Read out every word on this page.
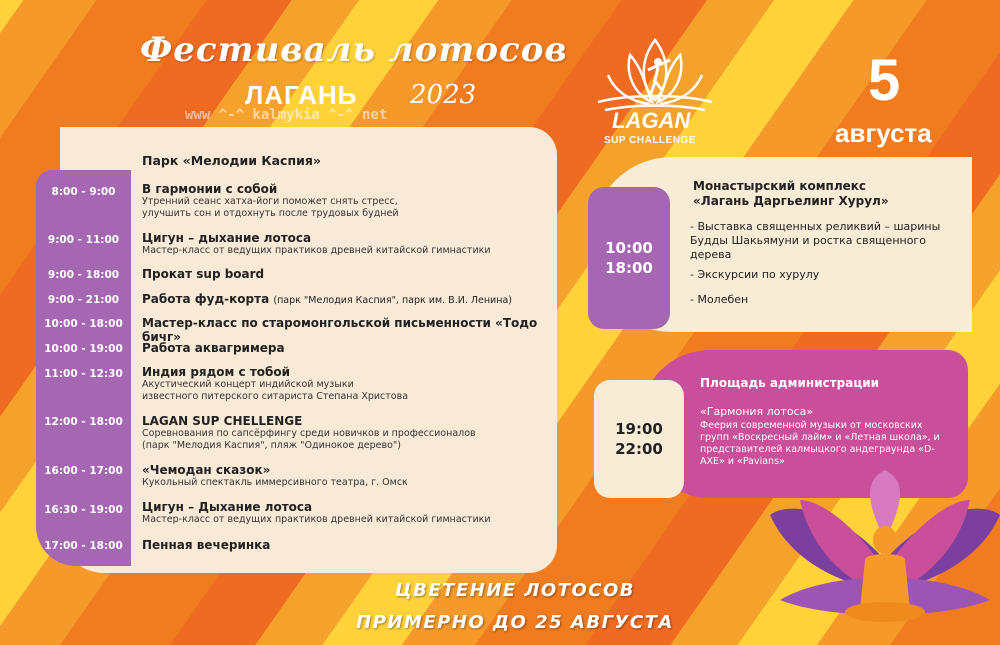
Фестиваль лотосов
ЛАГАНЬ 2023
www ^-^ kalmykia ^-^ net	LAGAN
SUP CHALLENGE
5
августа
Парк «Мелодии Каспия»
8:00 - 9:00	В гармонии с собой
Утренний сеанс хатха-йоги поможет снять стресс,
улучшить сон и отдохнуть после трудовых будней
9:00 - 11:00	Цигун – дыхание лотоса
Мастер-класс от ведущих практиков древней китайской гимнастики
9:00 - 18:00	Прокат sup board
9:00 - 21:00	Работа фуд-корта (парк "Мелодия Каспия", парк им. В.И. Ленина)
10:00 - 18:00	Мастер-класс по старомонгольской письменности «Тодо бичг»
10:00 - 19:00	Работа аквагримера
11:00 - 12:30	Индия рядом с тобой
Акустический концерт индийской музыки
известного питерского ситариста Степана Христова
12:00 - 18:00	LAGAN SUP CHELLENGE
Соревнования по сапсёрфингу среди новичков и профессионалов
(парк "Мелодия Каспия", пляж "Одинокое дерево")
16:00 - 17:00	«Чемодан сказок»
Кукольный спектакль иммерсивного театра, г. Омск
16:30 - 19:00	Цигун – Дыхание лотоса
Мастер-класс от ведущих практиков древней китайской гимнастики
17:00 - 18:00	Пенная вечеринка
10:00
18:00
Монастырский комплекс
«Лагань Даргьелинг Хурул»
- Выставка священных реликвий – шарины Будды Шакьямуни и ростка священного дерева
- Экскурсии по хурулу
- Молебен
19:00
22:00
Площадь администрации
«Гармония лотоса»
Феерия современной музыки от московских групп «Воскресный лайм» и «Летная школа», и представителей калмыцкого андеграунда «D-AXE» и «Pavians»
ЦВЕТЕНИЕ ЛОТОСОВ
ПРИМЕРНО ДО 25 АВГУСТА
